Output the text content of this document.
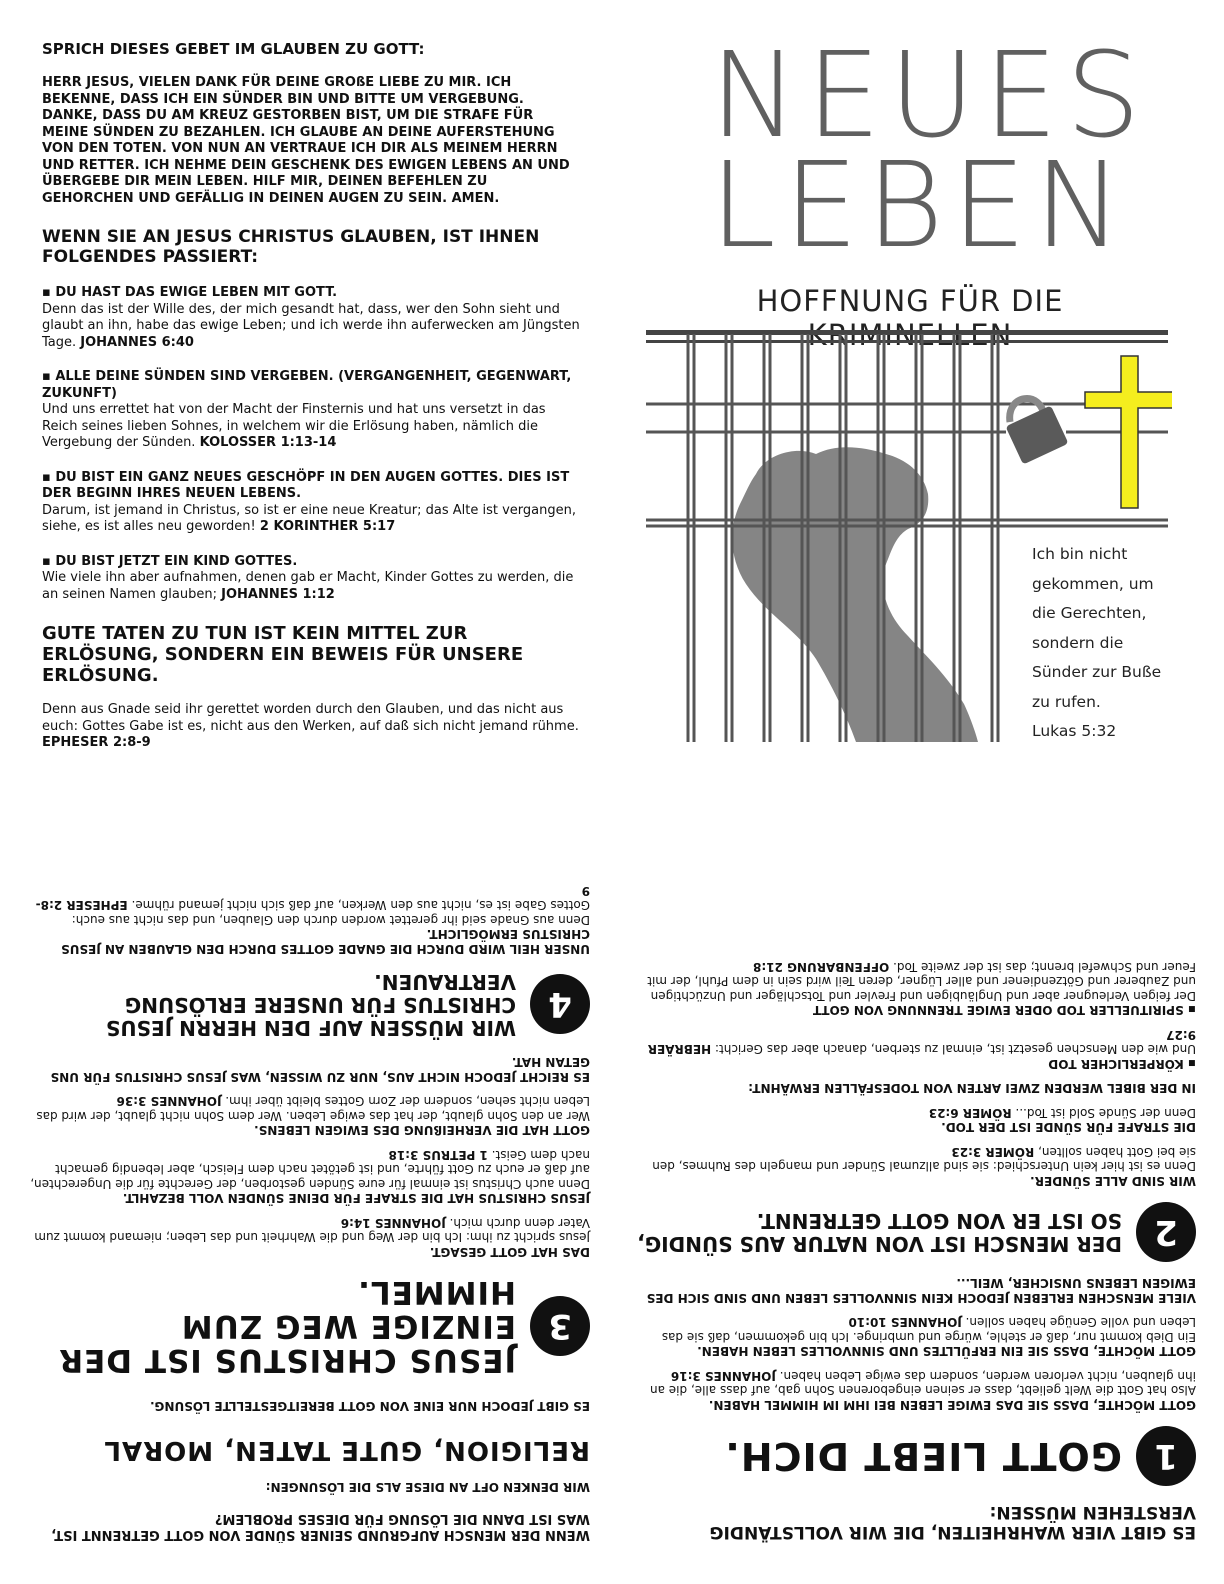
SPRICH DIESES GEBET IM GLAUBEN ZU GOTT:
HERR JESUS, VIELEN DANK FÜR DEINE GROßE LIEBE ZU MIR. ICH BEKENNE, DASS ICH EIN SÜNDER BIN UND BITTE UM VERGEBUNG. DANKE, DASS DU AM KREUZ GESTORBEN BIST, UM DIE STRAFE FÜR MEINE SÜNDEN ZU BEZAHLEN. ICH GLAUBE AN DEINE AUFERSTEHUNG VON DEN TOTEN. VON NUN AN VERTRAUE ICH DIR ALS MEINEM HERRN UND RETTER. ICH NEHME DEIN GESCHENK DES EWIGEN LEBENS AN UND ÜBERGEBE DIR MEIN LEBEN. HILF MIR, DEINEN BEFEHLEN ZU GEHORCHEN UND GEFÄLLIG IN DEINEN AUGEN ZU SEIN. AMEN.
WENN SIE AN JESUS CHRISTUS GLAUBEN, IST IHNEN FOLGENDES PASSIERT:
▪ DU HAST DAS EWIGE LEBEN MIT GOTT.
Denn das ist der Wille des, der mich gesandt hat, dass, wer den Sohn sieht und glaubt an ihn, habe das ewige Leben; und ich werde ihn auferwecken am Jüngsten Tage. JOHANNES 6:40
▪ ALLE DEINE SÜNDEN SIND VERGEBEN. (VERGANGENHEIT, GEGENWART, ZUKUNFT)
Und uns errettet hat von der Macht der Finsternis und hat uns versetzt in das Reich seines lieben Sohnes, in welchem wir die Erlösung haben, nämlich die Vergebung der Sünden. KOLOSSER 1:13-14
▪ DU BIST EIN GANZ NEUES GESCHÖPF IN DEN AUGEN GOTTES. DIES IST DER BEGINN IHRES NEUEN LEBENS.
Darum, ist jemand in Christus, so ist er eine neue Kreatur; das Alte ist vergangen, siehe, es ist alles neu geworden! 2 KORINTHER 5:17
▪ DU BIST JETZT EIN KIND GOTTES.
Wie viele ihn aber aufnahmen, denen gab er Macht, Kinder Gottes zu werden, die an seinen Namen glauben; JOHANNES 1:12
GUTE TATEN ZU TUN IST KEIN MITTEL ZUR ERLÖSUNG, SONDERN EIN BEWEIS FÜR UNSERE ERLÖSUNG.
Denn aus Gnade seid ihr gerettet worden durch den Glauben, und das nicht aus euch: Gottes Gabe ist es, nicht aus den Werken, auf daß sich nicht jemand rühme. EPHESER 2:8-9
NEUES
LEBEN
HOFFNUNG FÜR DIE
Ich bin nicht
gekommen, um
die Gerechten,
sondern die
Sünder zur Buße
zu rufen.
Lukas 5:32
WENN DER MENSCH AUFGRUND SEINER SÜNDE VON GOTT GETRENNT IST, WAS IST DANN DIE LÖSUNG FÜR DIESES PROBLEM?
WIR DENKEN OFT AN DIESE ALS DIE LÖSUNGEN:
RELIGION, GUTE TATEN, MORAL
ES GIBT JEDOCH NUR EINE VON GOTT BEREITGESTELLTE LÖSUNG.
3
JESUS CHRISTUS IST DER EINZIGE WEG ZUM HIMMEL.
DAS HAT GOTT GESAGT.
Jesus spricht zu ihm: Ich bin der Weg und die Wahrheit und das Leben; niemand kommt zum Vater denn durch mich. JOHANNES 14:6
JESUS CHRISTUS HAT DIE STRAFE FÜR DEINE SÜNDEN VOLL BEZAHLT.
Denn auch Christus ist einmal für eure Sünden gestorben, der Gerechte für die Ungerechten, auf daß er euch zu Gott führte, und ist getötet nach dem Fleisch, aber lebendig gemacht nach dem Geist. 1 PETRUS 3:18
GOTT HAT DIE VERHEIßUNG DES EWIGEN LEBENS.
Wer an den Sohn glaubt, der hat das ewige Leben. Wer dem Sohn nicht glaubt, der wird das Leben nicht sehen, sondern der Zorn Gottes bleibt über ihm. JOHANNES 3:36
ES REICHT JEDOCH NICHT AUS, NUR ZU WISSEN, WAS JESUS CHRISTUS FÜR UNS GETAN HAT.
4
WIR MÜSSEN AUF DEN HERRN JESUS CHRISTUS FÜR UNSERE ERLÖSUNG VERTRAUEN.
UNSER HEIL WIRD DURCH DIE GNADE GOTTES DURCH DEN GLAUBEN AN JESUS CHRISTUS ERMÖGLICHT.
Denn aus Gnade seid ihr gerettet worden durch den Glauben, und das nicht aus euch: Gottes Gabe ist es, nicht aus den Werken, auf daß sich nicht jemand rühme. EPHESER 2:8-9
ES GIBT VIER WAHRHEITEN, DIE WIR VOLLSTÄNDIG VERSTEHEN MÜSSEN:
1
GOTT LIEBT DICH.
GOTT MÖCHTE, DASS SIE DAS EWIGE LEBEN BEI IHM IM HIMMEL HABEN.
Also hat Gott die Welt geliebt, dass er seinen eingeborenen Sohn gab, auf dass alle, die an ihn glauben, nicht verloren werden, sondern das ewige Leben haben. JOHANNES 3:16
GOTT MÖCHTE, DASS SIE EIN ERFÜLLTES UND SINNVOLLES LEBEN HABEN.
Ein Dieb kommt nur, daß er stehle, würge und umbringe. Ich bin gekommen, daß sie das Leben und volle Genüge haben sollen. JOHANNES 10:10
VIELE MENSCHEN ERLEBEN JEDOCH KEIN SINNVOLLES LEBEN UND SIND SICH DES EWIGEN LEBENS UNSICHER, WEIL...
2
DER MENSCH IST VON NATUR AUS SÜNDIG, SO IST ER VON GOTT GETRENNT.
WIR SIND ALLE SÜNDER.
Denn es ist hier kein Unterschied: sie sind allzumal Sünder und mangeln des Ruhmes, den sie bei Gott haben sollten, RÖMER 3:23
DIE STRAFE FÜR SÜNDE IST DER TOD.
Denn der Sünde Sold ist Tod... RÖMER 6:23
IN DER BIBEL WERDEN ZWEI ARTEN VON TODESFÄLLEN ERWÄHNT:
▪ KÖRPERLICHER TOD
Und wie den Menschen gesetzt ist, einmal zu sterben, danach aber das Gericht: HEBRÄER 9:27
▪ SPIRITUELLER TOD ODER EWIGE TRENNUNG VON GOTT
Der feigen Verleugner aber und Ungläubigen und Frevler und Totschläger und Unzüchtigen und Zauberer und Götzendiener und aller Lügner, deren Teil wird sein in dem Pfuhl, der mit Feuer und Schwefel brennt; das ist der zweite Tod. OFFENBARUNG 21:8
